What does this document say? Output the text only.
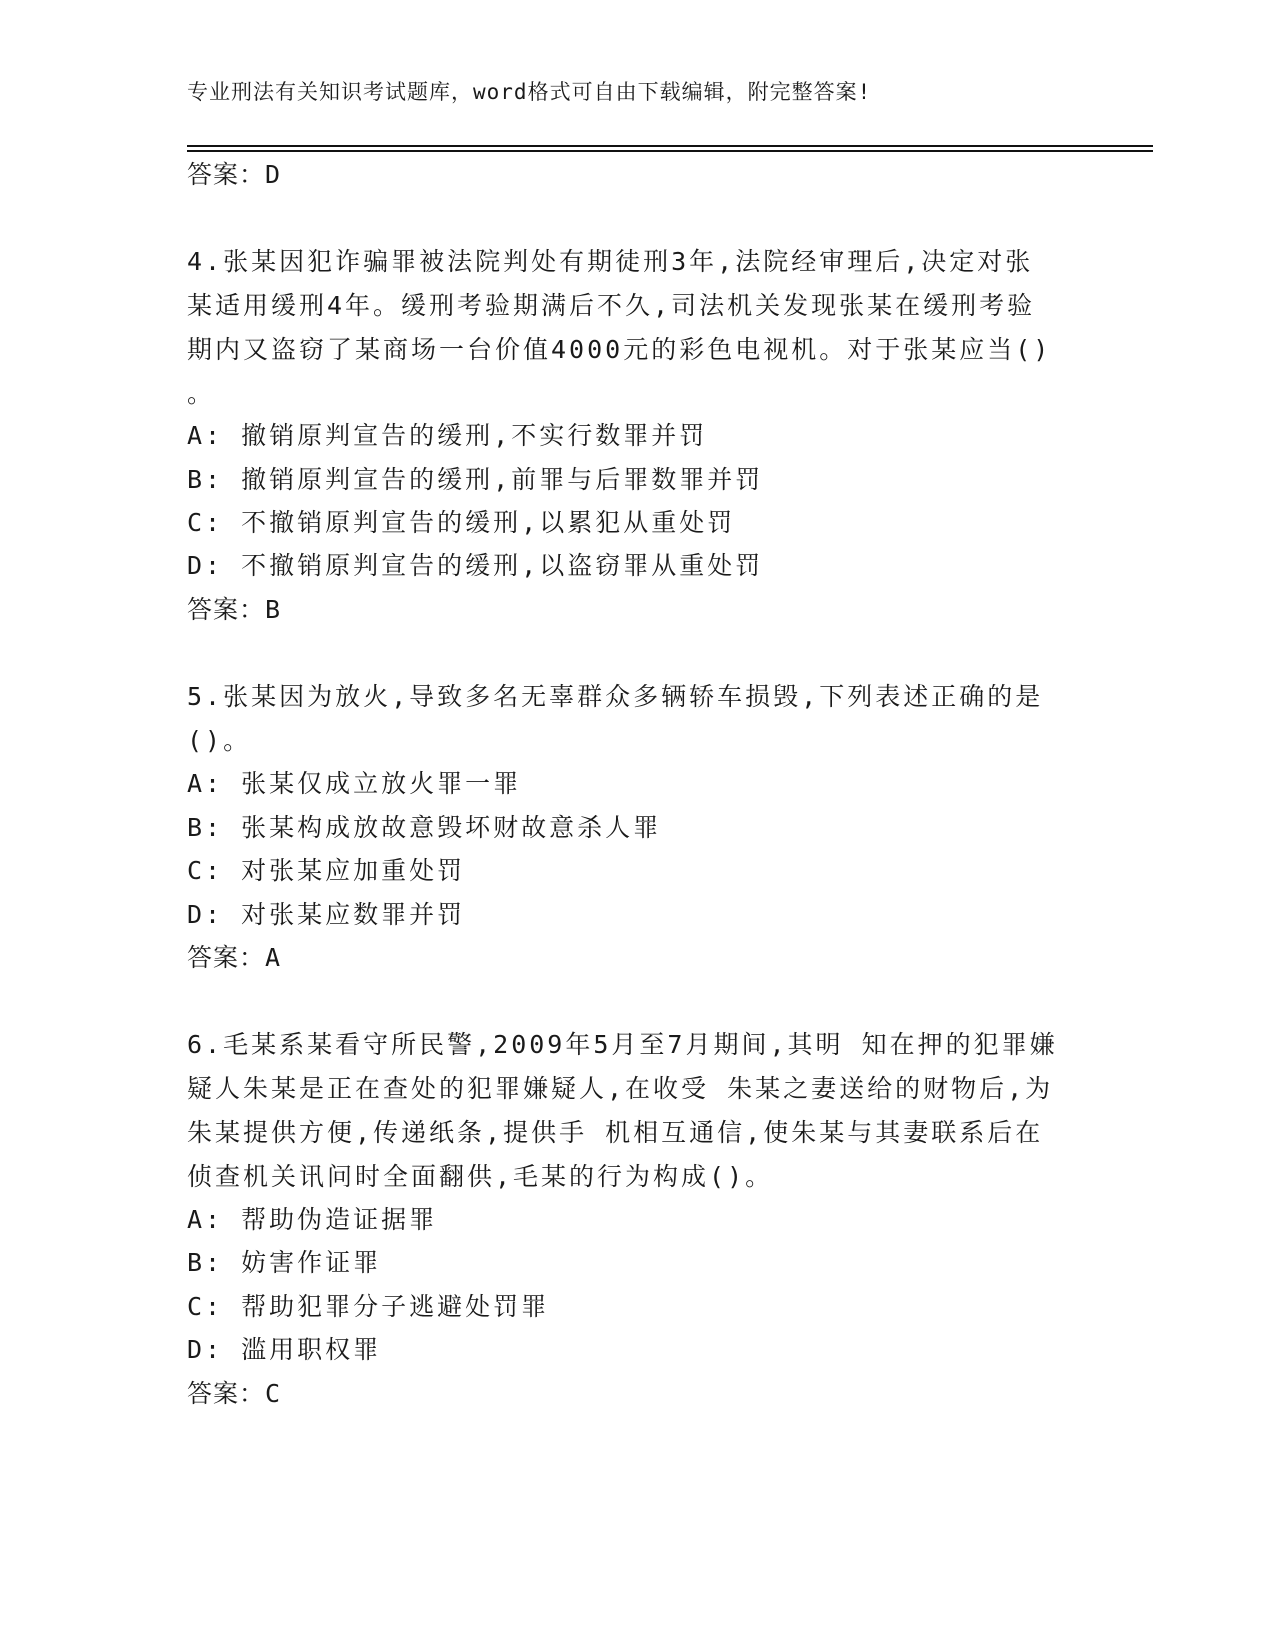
专业刑法有关知识考试题库，word格式可自由下载编辑，附完整答案!
答案：D
4.张某因犯诈骗罪被法院判处有期徒刑3年,法院经审理后,决定对张
某适用缓刑4年。缓刑考验期满后不久,司法机关发现张某在缓刑考验
期内又盗窃了某商场一台价值4000元的彩色电视机。对于张某应当()
。
A: 撤销原判宣告的缓刑,不实行数罪并罚
B: 撤销原判宣告的缓刑,前罪与后罪数罪并罚
C: 不撤销原判宣告的缓刑,以累犯从重处罚
D: 不撤销原判宣告的缓刑,以盗窃罪从重处罚
答案：B
5.张某因为放火,导致多名无辜群众多辆轿车损毁,下列表述正确的是
()。
A: 张某仅成立放火罪一罪
B: 张某构成放故意毁坏财故意杀人罪
C: 对张某应加重处罚
D: 对张某应数罪并罚
答案：A
6.毛某系某看守所民警,2009年5月至7月期间,其明 知在押的犯罪嫌
疑人朱某是正在查处的犯罪嫌疑人,在收受 朱某之妻送给的财物后,为
朱某提供方便,传递纸条,提供手 机相互通信,使朱某与其妻联系后在
侦查机关讯问时全面翻供,毛某的行为构成()。
A: 帮助伪造证据罪
B: 妨害作证罪
C: 帮助犯罪分子逃避处罚罪
D: 滥用职权罪
答案：C
